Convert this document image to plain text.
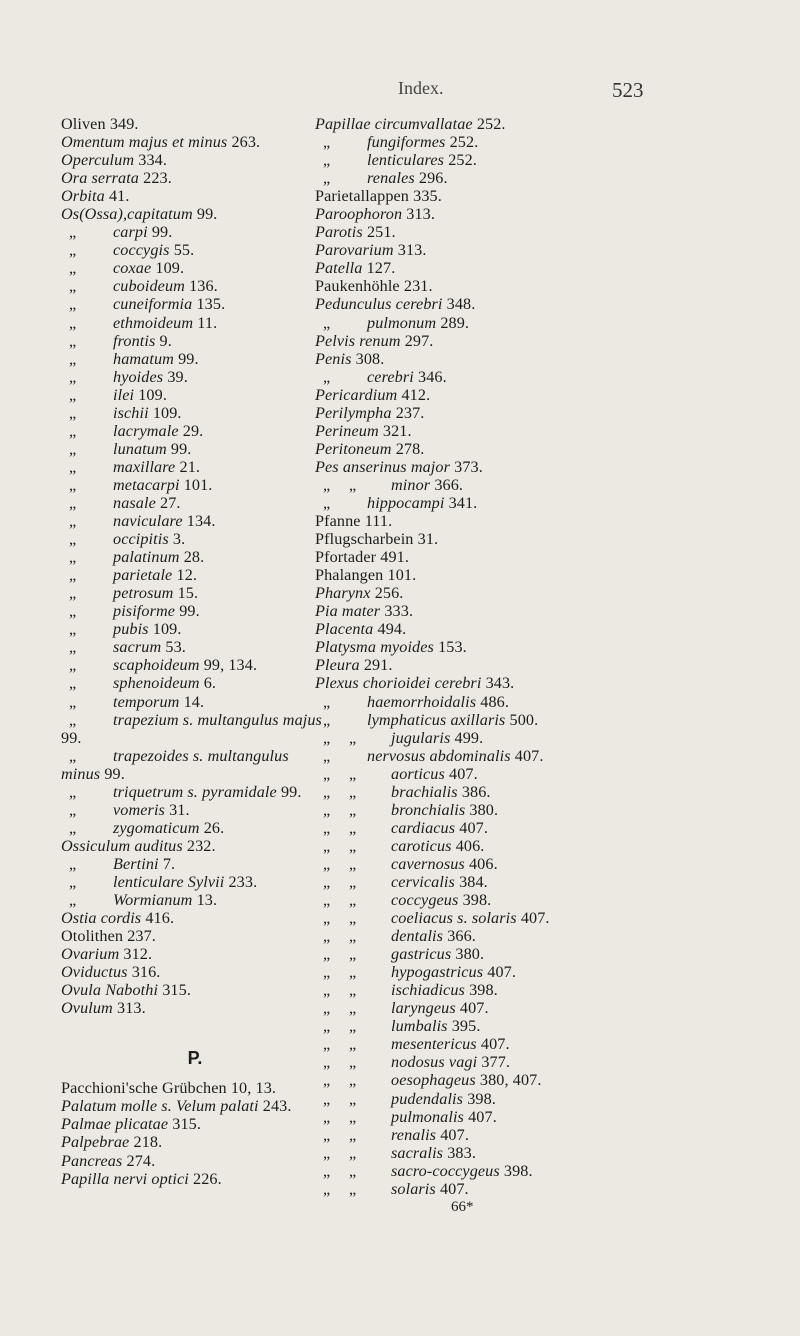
Index.	523
Oliven 349.
Omentum majus et minus 263.
Operculum 334.
Ora serrata 223.
Orbita 41.
Os(Ossa),capitatum 99.
„ carpi 99.
„ coccygis 55.
„ coxae 109.
„ cuboideum 136.
„ cuneiformia 135.
„ ethmoideum 11.
„ frontis 9.
„ hamatum 99.
„ hyoides 39.
„ ilei 109.
„ ischii 109.
„ lacrymale 29.
„ lunatum 99.
„ maxillare 21.
„ metacarpi 101.
„ nasale 27.
„ naviculare 134.
„ occipitis 3.
„ palatinum 28.
„ parietale 12.
„ petrosum 15.
„ pisiforme 99.
„ pubis 109.
„ sacrum 53.
„ scaphoideum 99, 134.
„ sphenoideum 6.
„ temporum 14.
„ trapezium s. multangulus majus 99.
„ trapezoides s. multangulus minus 99.
„ triquetrum s. pyramidale 99.
„ vomeris 31.
„ zygomaticum 26.
Ossiculum auditus 232.
„ Bertini 7.
„ lenticulare Sylvii 233.
„ Wormianum 13.
Ostia cordis 416.
Otolithen 237.
Ovarium 312.
Oviductus 316.
Ovula Nabothi 315.
Ovulum 313.
P.
Pacchioni'sche Grübchen 10, 13.
Palatum molle s. Velum palati 243.
Palmae plicatae 315.
Palpebrae 218.
Pancreas 274.
Papilla nervi optici 226.
Papillae circumvallatae 252.
„ fungiformes 252.
„ lenticulares 252.
„ renales 296.
Parietallappen 335.
Paroophoron 313.
Parotis 251.
Parovarium 313.
Patella 127.
Paukenhöhle 231.
Pedunculus cerebri 348.
„ pulmonum 289.
Pelvis renum 297.
Penis 308.
„ cerebri 346.
Pericardium 412.
Perilympha 237.
Perineum 321.
Peritoneum 278.
Pes anserinus major 373.
„ „ minor 366.
„ hippocampi 341.
Pfanne 111.
Pflugscharbein 31.
Pfortader 491.
Phalangen 101.
Pharynx 256.
Pia mater 333.
Placenta 494.
Platysma myoides 153.
Pleura 291.
Plexus chorioidei cerebri 343.
„ haemorrhoidalis 486.
„ lymphaticus axillaris 500.
„ „ jugularis 499.
„ nervosus abdominalis 407.
„ „ aorticus 407.
„ „ brachialis 386.
„ „ bronchialis 380.
„ „ cardiacus 407.
„ „ caroticus 406.
„ „ cavernosus 406.
„ „ cervicalis 384.
„ „ coccygeus 398.
„ „ coeliacus s. solaris 407.
„ „ dentalis 366.
„ „ gastricus 380.
„ „ hypogastricus 407.
„ „ ischiadicus 398.
„ „ laryngeus 407.
„ „ lumbalis 395.
„ „ mesentericus 407.
„ „ nodosus vagi 377.
„ „ oesophageus 380, 407.
„ „ pudendalis 398.
„ „ pulmonalis 407.
„ „ renalis 407.
„ „ sacralis 383.
„ „ sacro-coccygeus 398.
„ „ solaris 407.
66*
